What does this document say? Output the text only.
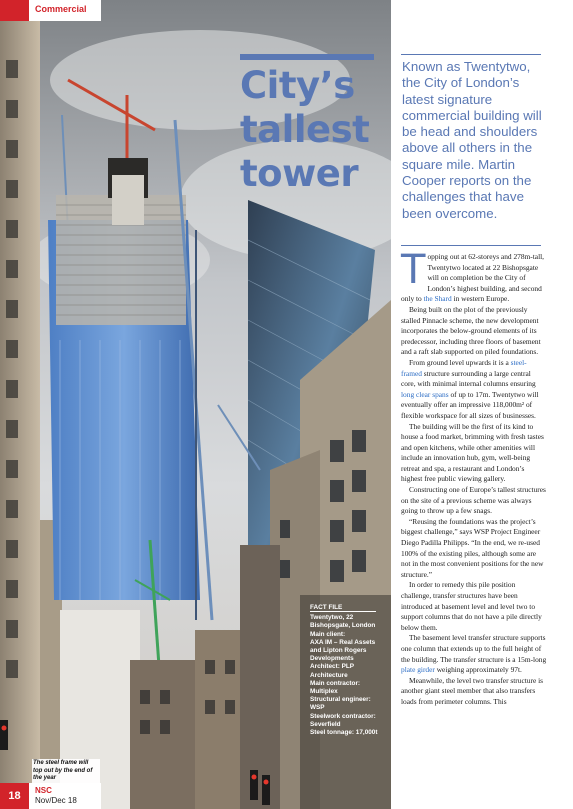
Commercial
City’s
tallest
tower
Known as Twentytwo, the City of London’s latest signature commercial building will be head and shoulders above all others in the square mile. Martin Cooper reports on the challenges that have been overcome.

Topping out at 62-storeys and 278m-tall, Twentytwo located at 22 Bishopsgate will on completion be the City of London’s highest building, and second only to the Shard in western Europe.

Being built on the plot of the previously stalled Pinnacle scheme, the new development incorporates the below-ground elements of its predecessor, including three floors of basement and a raft slab supported on piled foundations.

From ground level upwards it is a steel-framed structure surrounding a large central core, with minimal internal columns ensuring long clear spans of up to 17m. Twentytwo will eventually offer an impressive 118,000m² of flexible workspace for all sizes of businesses.

The building will be the first of its kind to house a food market, brimming with fresh tastes and open kitchens, while other amenities will include an innovation hub, gym, well-being retreat and spa, a restaurant and London’s highest free public viewing gallery.

Constructing one of Europe’s tallest structures on the site of a previous scheme was always going to throw up a few snags.

“Reusing the foundations was the project’s biggest challenge,” says WSP Project Engineer Diego Padilla Philipps. “In the end, we re-used 100% of the existing piles, although some are not in the most convenient positions for the new structure.”

In order to remedy this pile position challenge, transfer structures have been introduced at basement level and level two to support columns that do not have a pile directly below them.

The basement level transfer structure supports one column that extends up to the full height of the building. The transfer structure is a 15m-long plate girder weighing approximately 97t.

Meanwhile, the level two transfer structure is another giant steel member that also transfers loads from perimeter columns. This

FACT FILE
Twentytwo, 22 Bishopsgate, London
Main client:
AXA IM – Real Assets and Lipton Rogers Developments
Architect: PLP Architecture
Main contractor: Multiplex
Structural engineer: WSP
Steelwork contractor: Severfield
Steel tonnage: 17,000t
The steel frame will top out by the end of the year
18	NSC
Nov/Dec 18
